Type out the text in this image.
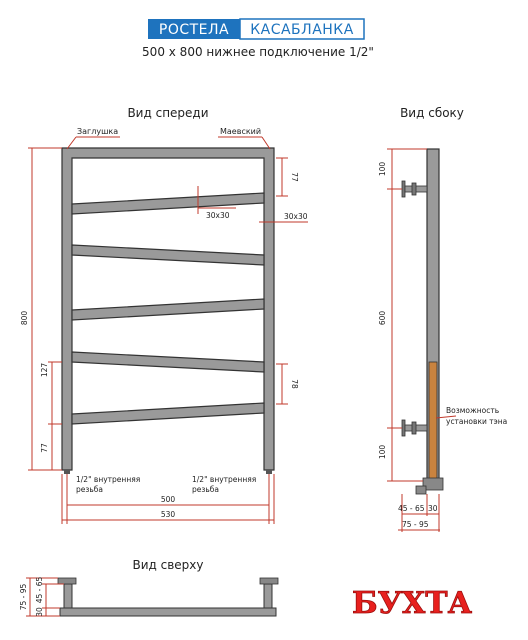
РОСТЕЛА КАСАБЛАНКА
500 x 800 нижнее подключение 1/2"
Вид спереди
Заглушка	Маевский
30x30	30x30
800
127
77
77
78
1/2" внутренняя
резьба
1/2" внутренняя
резьба
500
530
Вид сбоку
100
600
100
Возможность
установки тэна
45 - 65 30
75 - 95
Вид сверху
75 - 95
30
45 - 65	БУХТА
